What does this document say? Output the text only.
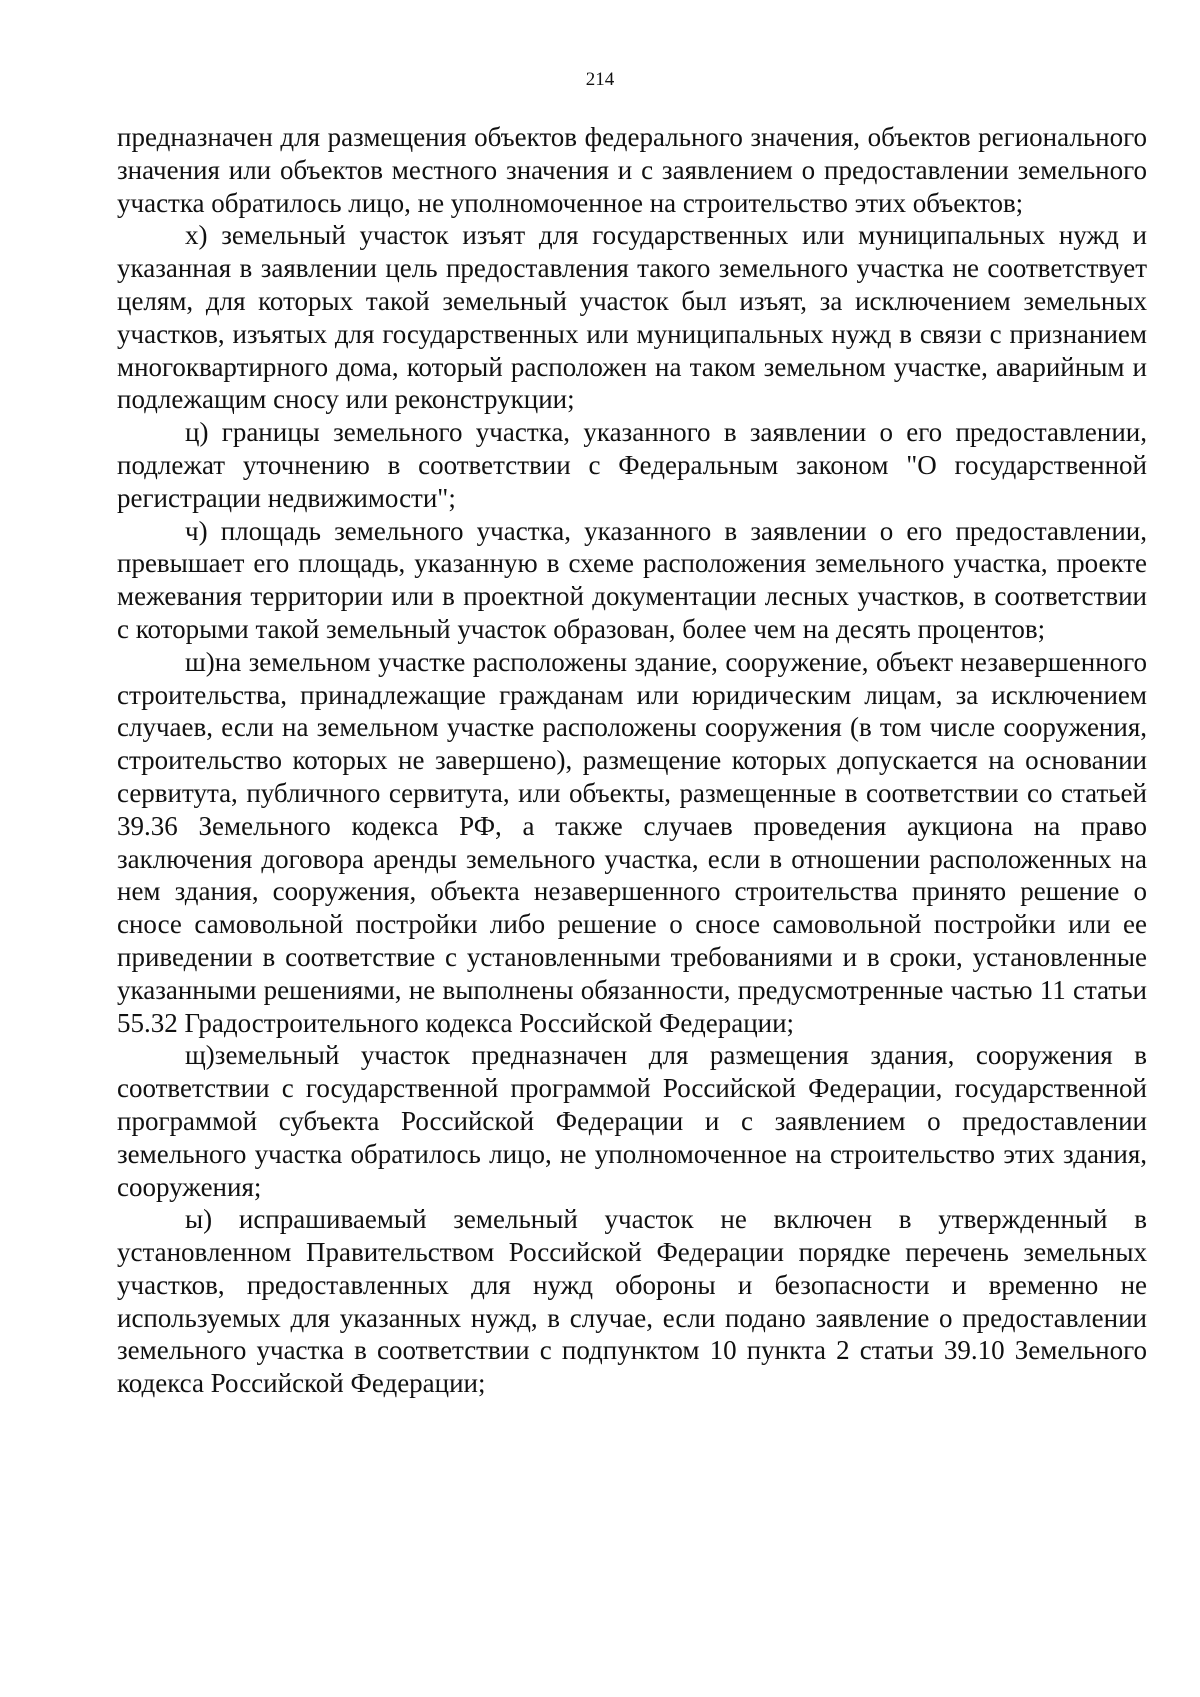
214

предназначен для размещения объектов федерального значения, объектов регионального значения или объектов местного значения и с заявлением о предоставлении земельного участка обратилось лицо, не уполномоченное на строительство этих объектов;

х) земельный участок изъят для государственных или муниципальных нужд и указанная в заявлении цель предоставления такого земельного участка не соответствует целям, для которых такой земельный участок был изъят, за исключением земельных участков, изъятых для государственных или муниципальных нужд в связи с признанием многоквартирного дома, который расположен на таком земельном участке, аварийным и подлежащим сносу или реконструкции;

ц) границы земельного участка, указанного в заявлении о его предоставлении, подлежат уточнению в соответствии с Федеральным законом "О государственной регистрации недвижимости";

ч) площадь земельного участка, указанного в заявлении о его предоставлении, превышает его площадь, указанную в схеме расположения земельного участка, проекте межевания территории или в проектной документации лесных участков, в соответствии с которыми такой земельный участок образован, более чем на десять процентов;

ш)на земельном участке расположены здание, сооружение, объект незавершенного строительства, принадлежащие гражданам или юридическим лицам, за исключением случаев, если на земельном участке расположены сооружения (в том числе сооружения, строительство которых не завершено), размещение которых допускается на основании сервитута, публичного сервитута, или объекты, размещенные в соответствии со статьей 39.36 Земельного кодекса РФ, а также случаев проведения аукциона на право заключения договора аренды земельного участка, если в отношении расположенных на нем здания, сооружения, объекта незавершенного строительства принято решение о сносе самовольной постройки либо решение о сносе самовольной постройки или ее приведении в соответствие с установленными требованиями и в сроки, установленные указанными решениями, не выполнены обязанности, предусмотренные частью 11 статьи 55.32 Градостроительного кодекса Российской Федерации;

щ)земельный участок предназначен для размещения здания, сооружения в соответствии с государственной программой Российской Федерации, государственной программой субъекта Российской Федерации и с заявлением о предоставлении земельного участка обратилось лицо, не уполномоченное на строительство этих здания, сооружения;

ы) испрашиваемый земельный участок не включен в утвержденный в установленном Правительством Российской Федерации порядке перечень земельных участков, предоставленных для нужд обороны и безопасности и временно не используемых для указанных нужд, в случае, если подано заявление о предоставлении земельного участка в соответствии с подпунктом 10 пункта 2 статьи 39.10 Земельного кодекса Российской Федерации;
